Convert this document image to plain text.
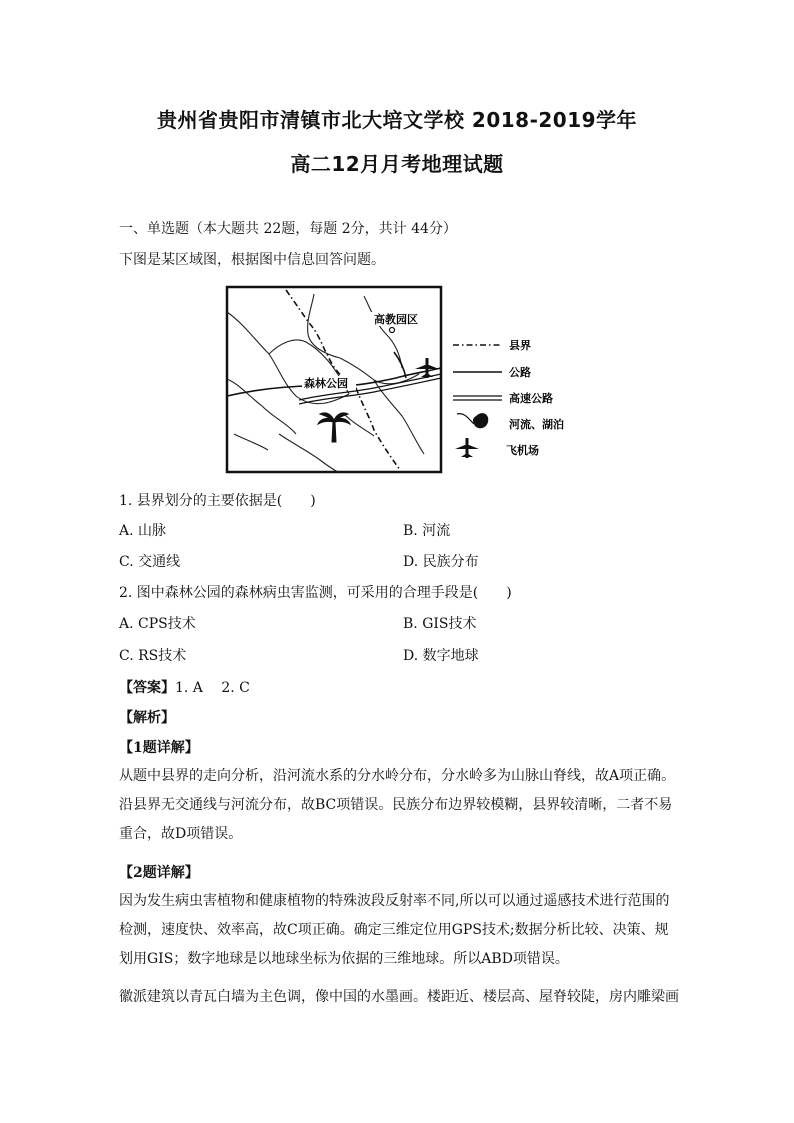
贵州省贵阳市清镇市北大培文学校 2018-2019学年
高二12月月考地理试题
一、单选题（本大题共 22题，每题 2分，共计 44分）
下图是某区域图，根据图中信息回答问题。
高教园区
森林公园
县界
公路
高速公路
河流、湖泊
飞机场
1. 县界划分的主要依据是(　　)
A. 山脉	B. 河流
C. 交通线	D. 民族分布
2. 图中森林公园的森林病虫害监测，可采用的合理手段是(　　)
A. CPS技术	B. GIS技术
C. RS技术	D. 数字地球
【答案】1. A　 2. C
【解析】
【1题详解】
从题中县界的走向分析，沿河流水系的分水岭分布，分水岭多为山脉山脊线，故A项正确。沿县界无交通线与河流分布，故BC项错误。民族分布边界较模糊，县界较清晰，二者不易重合，故D项错误。
【2题详解】
因为发生病虫害植物和健康植物的特殊波段反射率不同,所以可以通过遥感技术进行范围的检测，速度快、效率高，故C项正确。确定三维定位用GPS技术;数据分析比较、决策、规划用GIS；数字地球是以地球坐标为依据的三维地球。所以ABD项错误。
徽派建筑以青瓦白墙为主色调，像中国的水墨画。楼距近、楼层高、屋脊较陡，房内雕梁画
